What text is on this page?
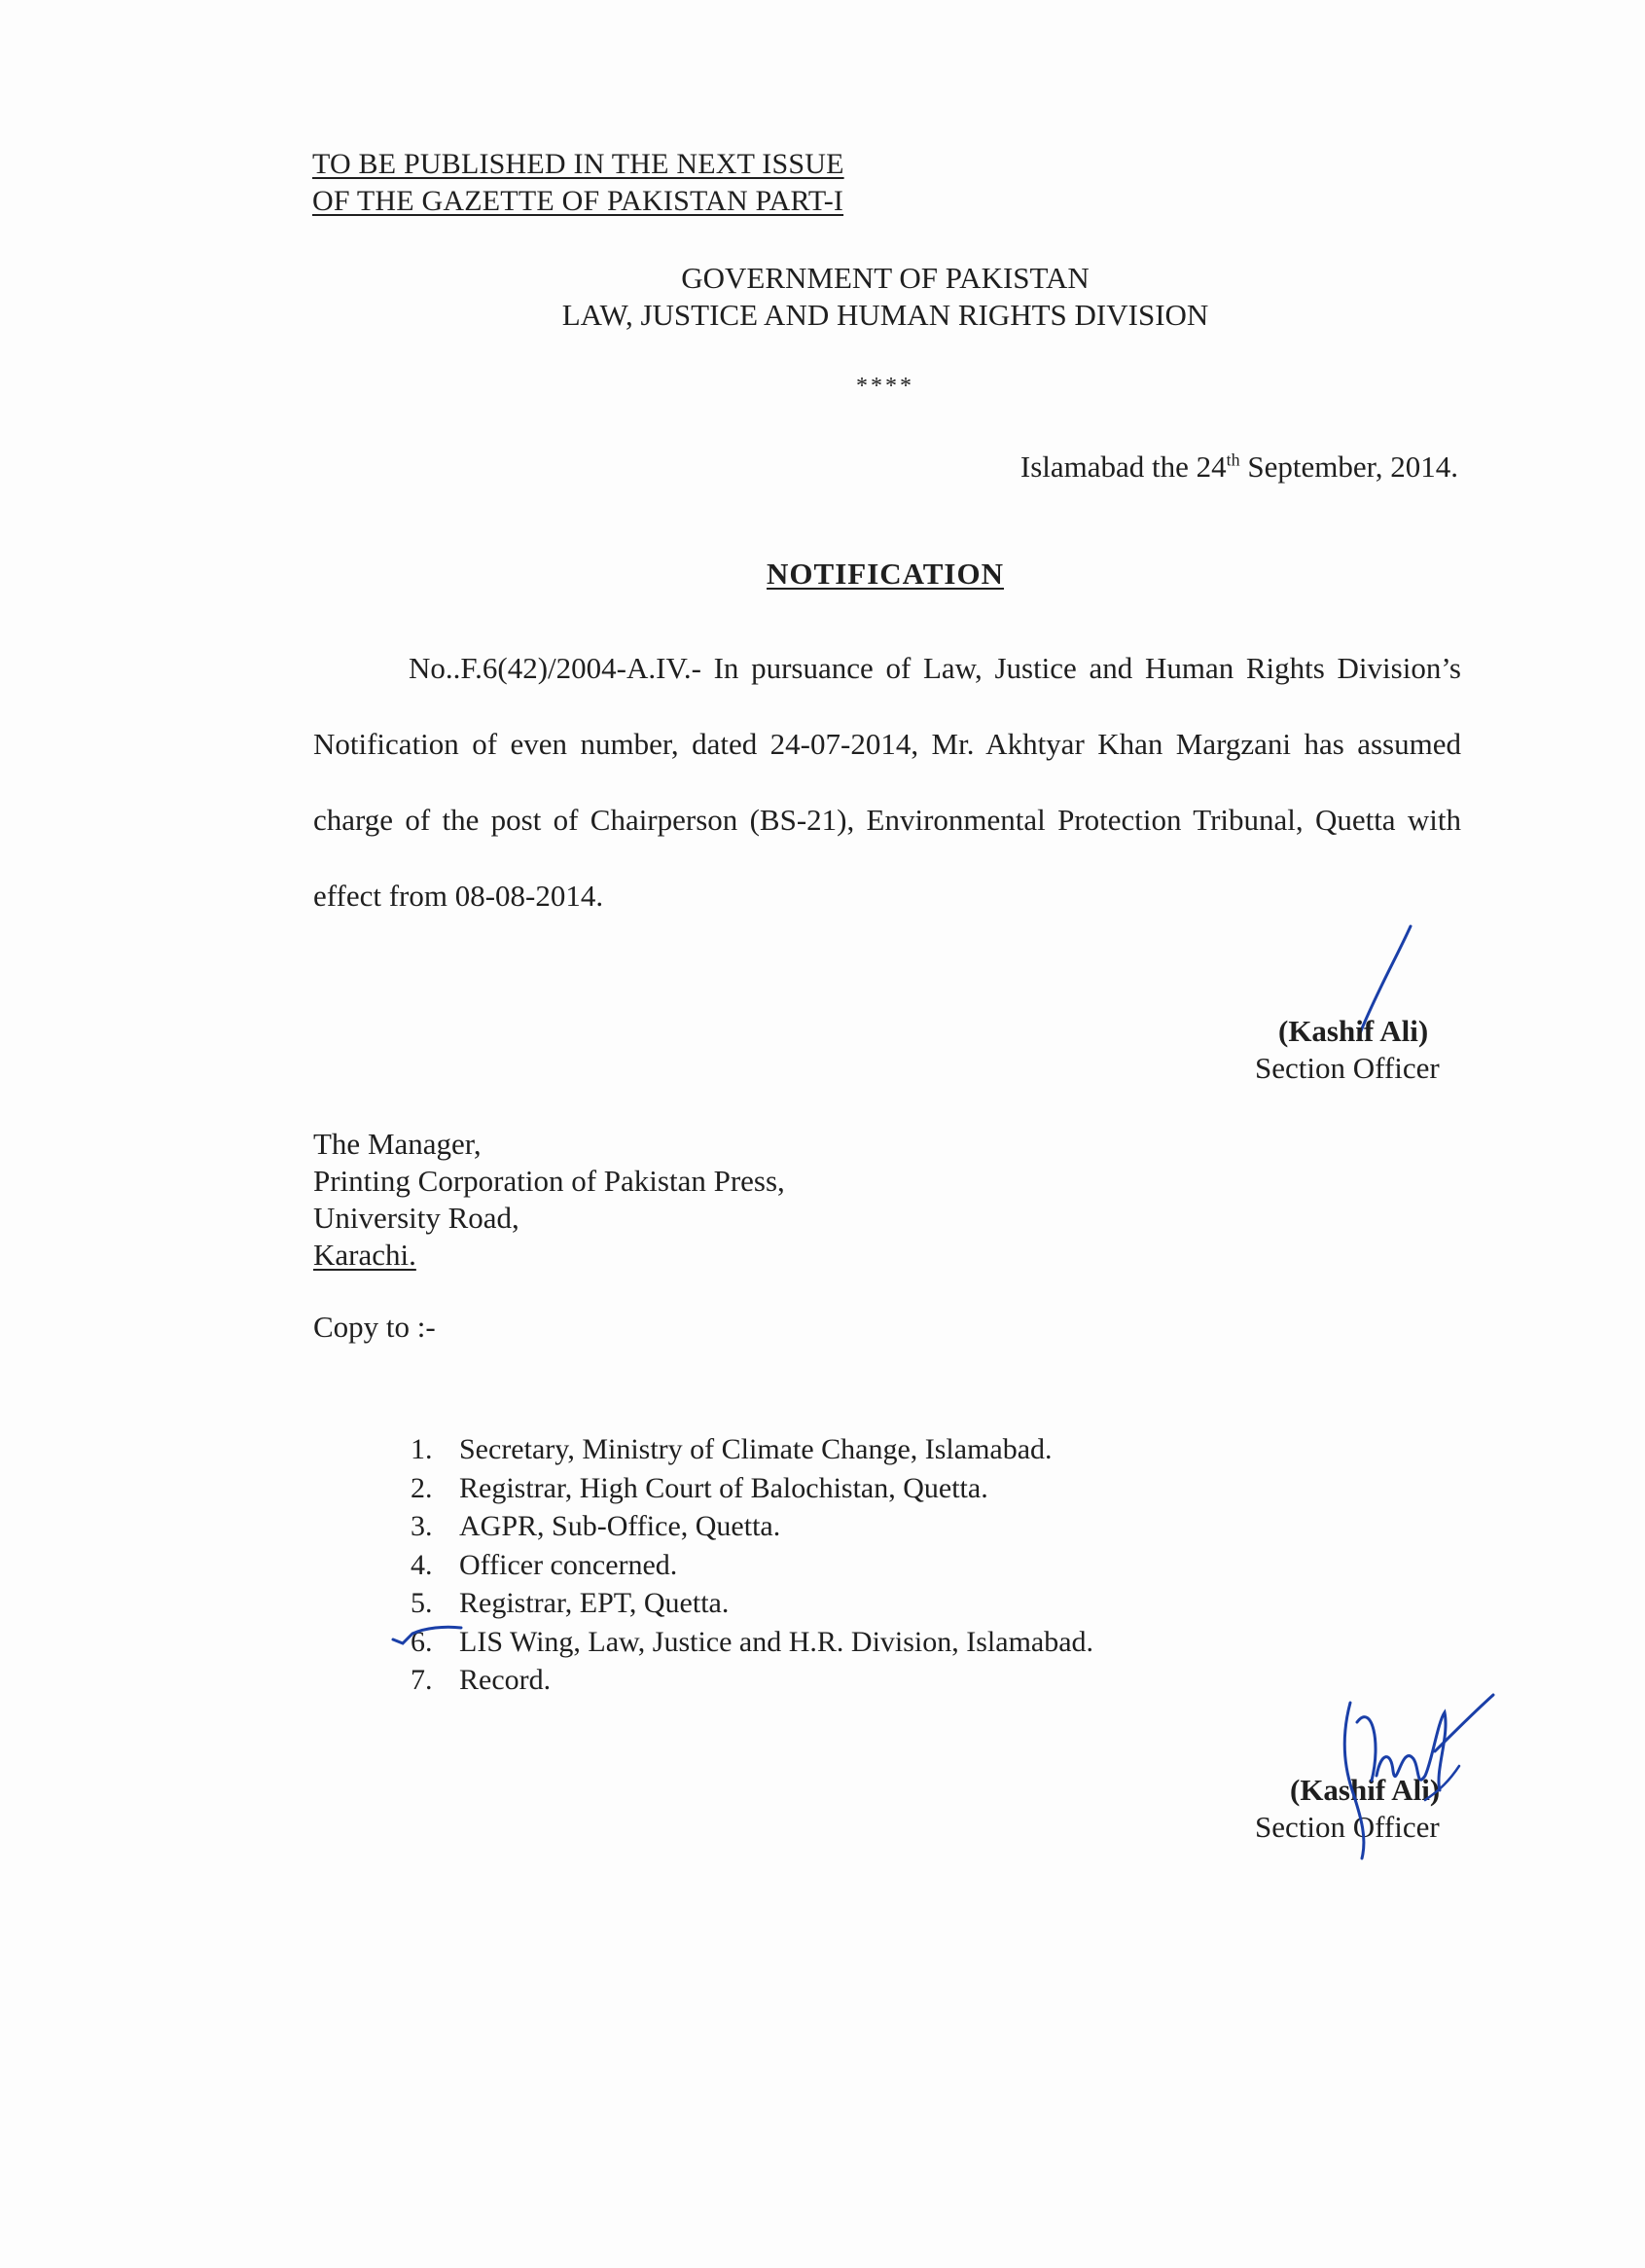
TO BE PUBLISHED IN THE NEXT ISSUE
OF THE GAZETTE OF PAKISTAN PART-I
GOVERNMENT OF PAKISTAN
LAW, JUSTICE AND HUMAN RIGHTS DIVISION
****
Islamabad the 24th September, 2014.
NOTIFICATION
No..F.6(42)/2004-A.IV.- In pursuance of Law, Justice and Human Rights Division’s Notification of even number, dated 24-07-2014, Mr. Akhtyar Khan Margzani has assumed charge of the post of Chairperson (BS-21), Environmental Protection Tribunal, Quetta with effect from 08-08-2014.
(Kashif Ali)
Section Officer
The Manager,
Printing Corporation of Pakistan Press,
University Road,
Karachi.
Copy to :-
1. Secretary, Ministry of Climate Change, Islamabad.
2. Registrar, High Court of Balochistan, Quetta.
3. AGPR, Sub-Office, Quetta.
4. Officer concerned.
5. Registrar, EPT, Quetta.
6. LIS Wing, Law, Justice and H.R. Division, Islamabad.
7. Record.
(Kashif Ali)
Section Officer
